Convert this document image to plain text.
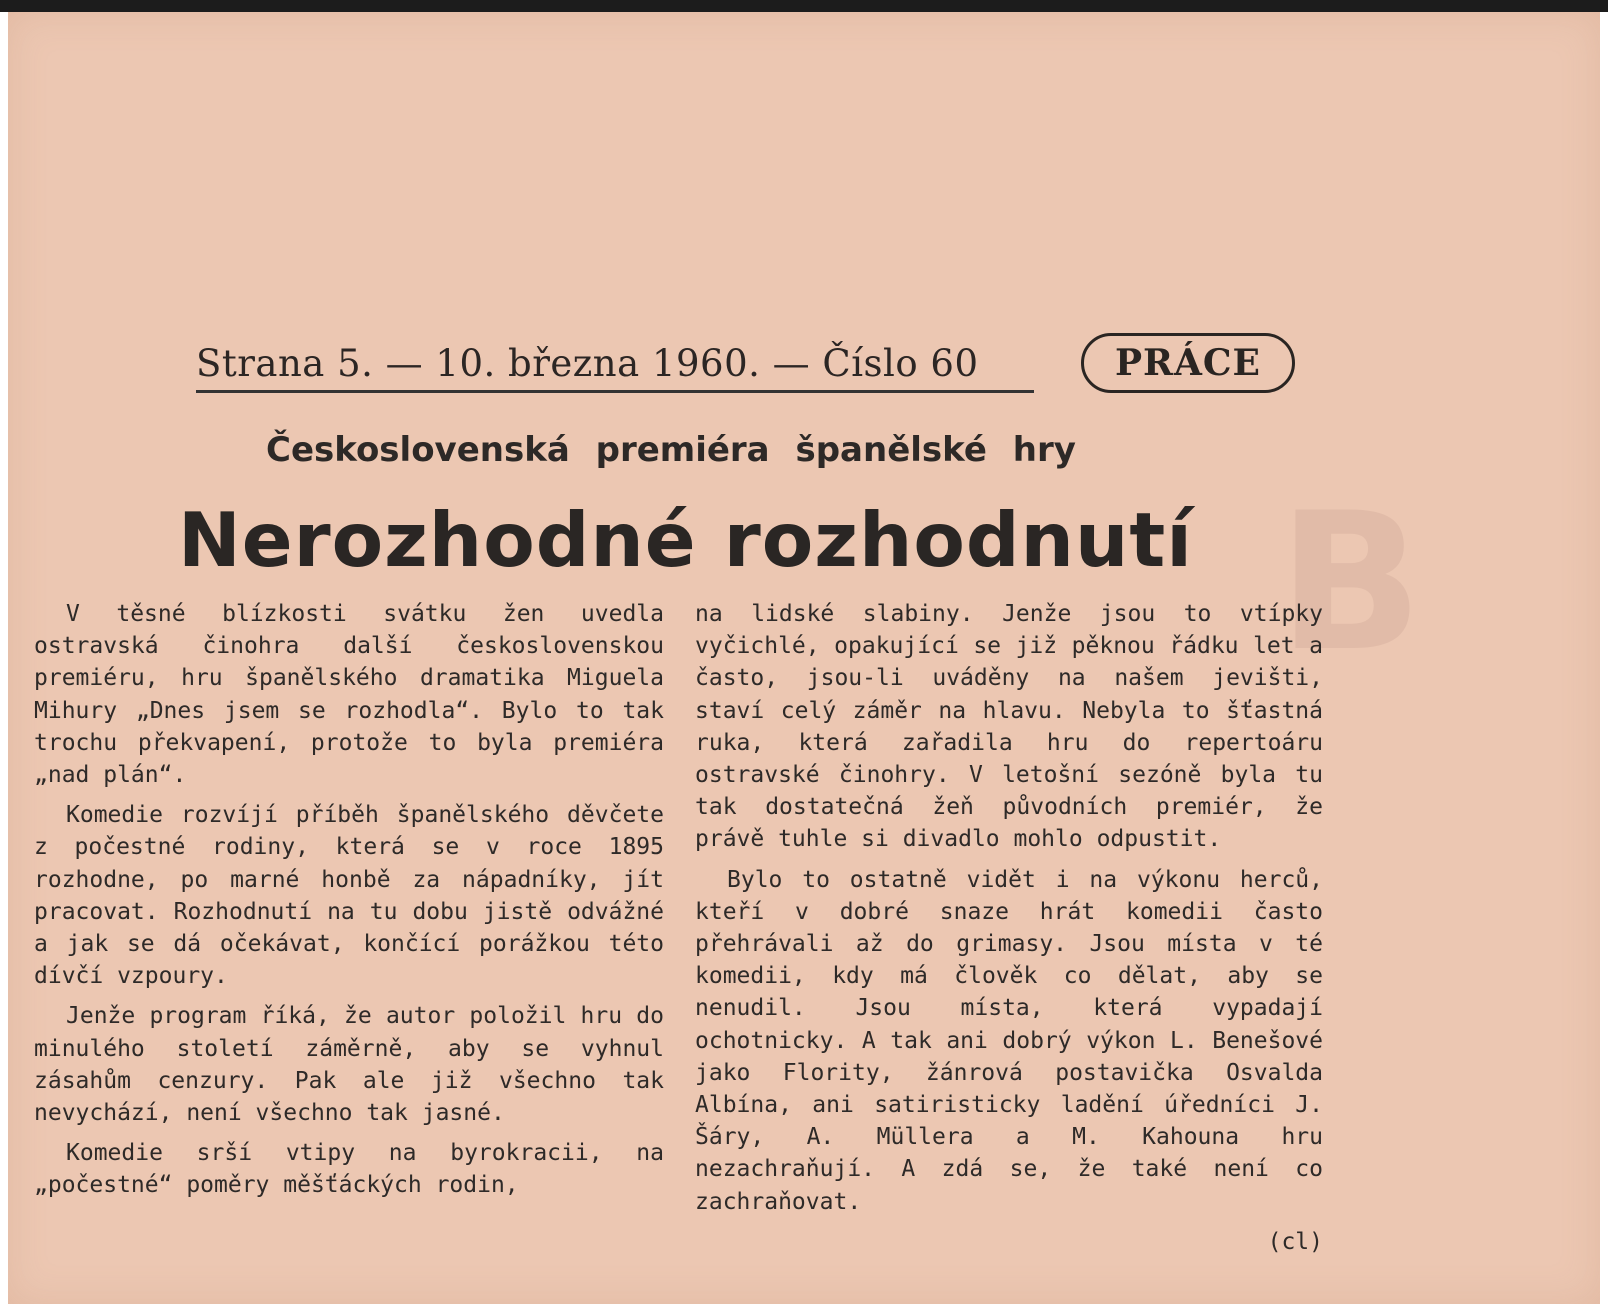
B
Strana 5. — 10. března 1960. — Číslo 60	PRÁCE
Československá premiéra španělské hry
Nerozhodné rozhodnutí

V těsné blízkosti svátku žen uvedla ostravská činohra další československou premiéru, hru španělského dramatika Miguela Mihury „Dnes jsem se rozhodla“. Bylo to tak trochu překvapení, protože to byla premiéra „nad plán“.

Komedie rozvíjí příběh španělského děvčete z počestné rodiny, která se v roce 1895 rozhodne, po marné honbě za nápadníky, jít pracovat. Rozhodnutí na tu dobu jistě odvážné a jak se dá očekávat, končící porážkou této dívčí vzpoury.

Jenže program říká, že autor položil hru do minulého století záměrně, aby se vyhnul zásahům cenzury. Pak ale již všechno tak nevychází, není všechno tak jasné.

Komedie srší vtipy na byrokracii, na „počestné“ poměry měšťáckých rodin,

na lidské slabiny. Jenže jsou to vtípky vyčichlé, opakující se již pěknou řádku let a často, jsou-li uváděny na našem jevišti, staví celý záměr na hlavu. Nebyla to šťastná ruka, která zařadila hru do repertoáru ostravské činohry. V letošní sezóně byla tu tak dostatečná žeň původních premiér, že právě tuhle si divadlo mohlo odpustit.

Bylo to ostatně vidět i na výkonu herců, kteří v dobré snaze hrát komedii často přehrávali až do grimasy. Jsou místa v té komedii, kdy má člověk co dělat, aby se nenudil. Jsou místa, která vypadají ochotnicky. A tak ani dobrý výkon L. Benešové jako Flority, žánrová postavička Osvalda Albína, ani satiristicky ladění úředníci J. Šáry, A. Müllera a M. Kahouna hru nezachraňují. A zdá se, že také není co zachraňovat.

(cl)
